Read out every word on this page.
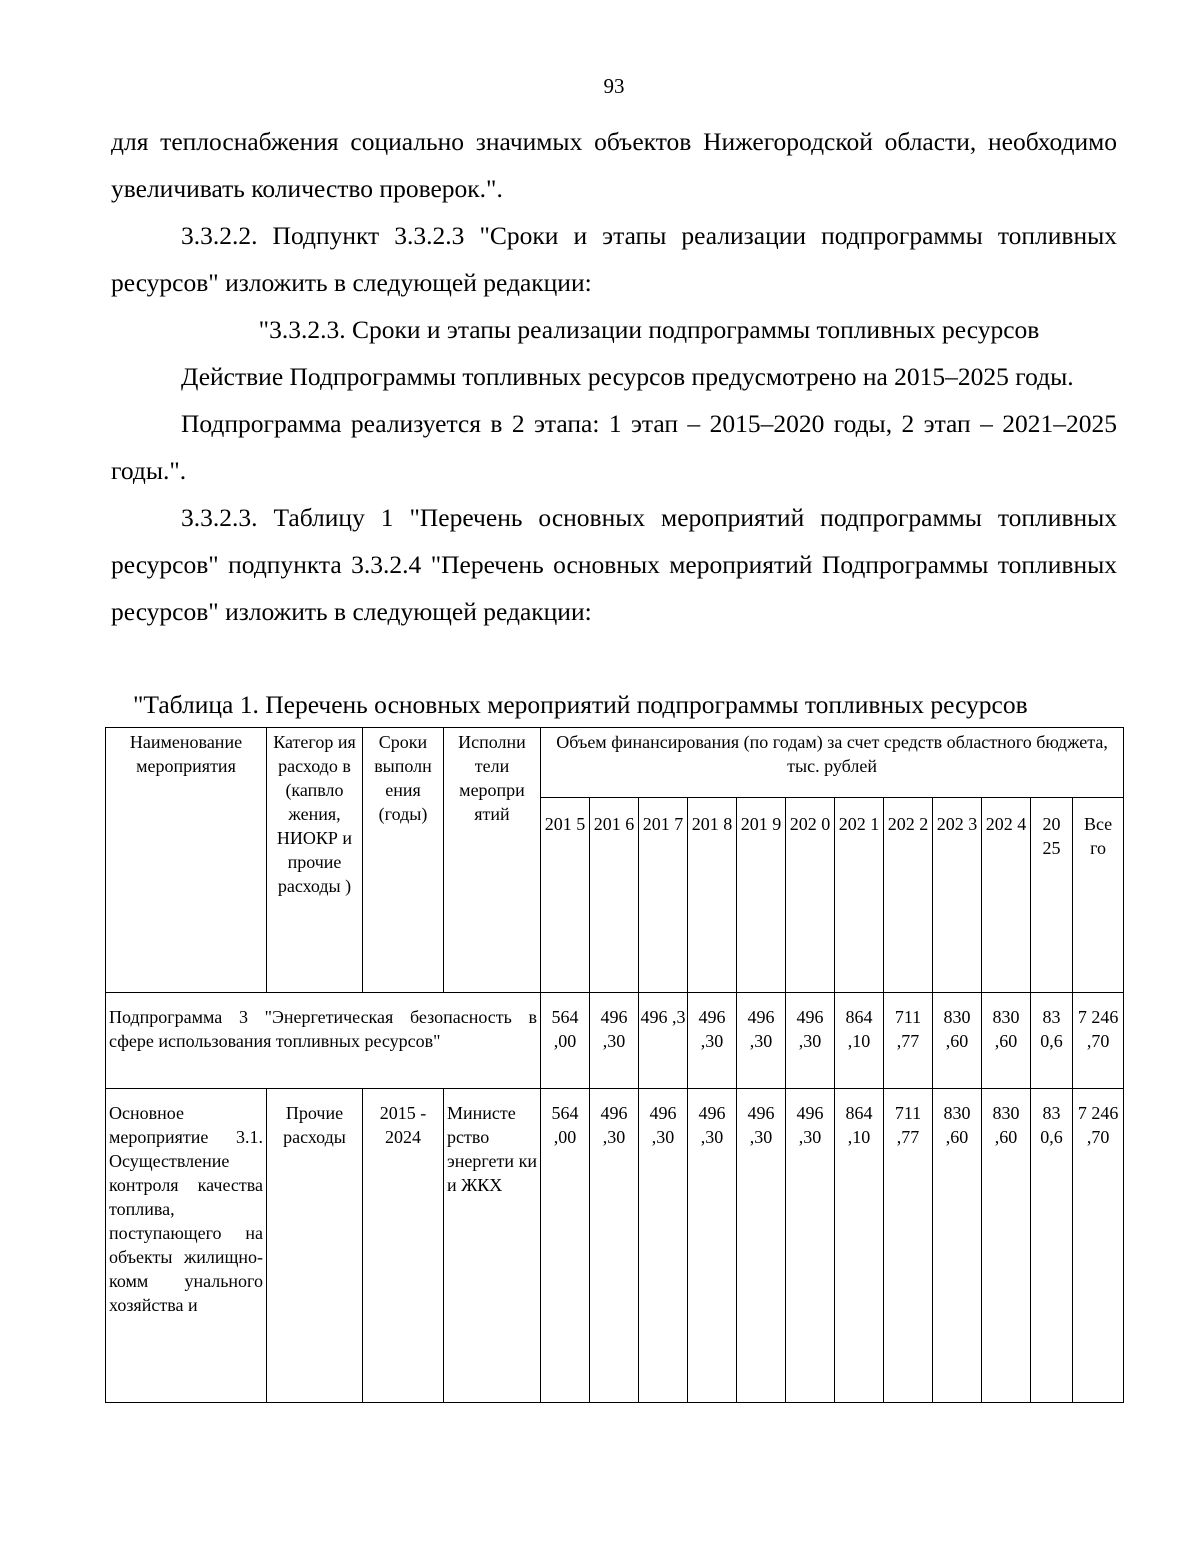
93

для теплоснабжения социально значимых объектов Нижегородской области, необходимо увеличивать количество проверок.".

3.3.2.2. Подпункт 3.3.2.3 "Сроки и этапы реализации подпрограммы топливных ресурсов" изложить в следующей редакции:

"3.3.2.3. Сроки и этапы реализации подпрограммы топливных ресурсов

Действие Подпрограммы топливных ресурсов предусмотрено на 2015–2025 годы.

Подпрограмма реализуется в 2 этапа: 1 этап – 2015–2020 годы, 2 этап – 2021–2025 годы.".

3.3.2.3. Таблицу 1 "Перечень основных мероприятий подпрограммы топливных ресурсов" подпункта 3.3.2.4 "Перечень основных мероприятий Подпрограммы топливных ресурсов" изложить в следующей редакции:

"Таблица 1. Перечень основных мероприятий подпрограммы топливных ресурсов
Наименование мероприятия	Категор ия расходо в (капвло жения, НИОКР и прочие расходы )	Сроки выполн ения (годы)	Исполни тели меропри ятий	Объем финансирования (по годам) за счет средств областного бюджета, тыс. рублей											
				201 5	201 6	201 7	201 8	201 9	202 0	202 1	202 2	202 3	202 4	20 25	Все го
Подпрограмма 3 "Энергетическая безопасность в сфере использования топливных ресурсов"				564 ,00	496 ,30	496 ,3	496 ,30	496 ,30	496 ,30	864 ,10	711 ,77	830 ,60	830 ,60	83 0,6	7 246 ,70
Основное мероприятие 3.1. Осуществление контроля качества топлива, поступающего на объекты жилищно-комм унального хозяйства и	Прочие расходы	2015 - 2024	Министе рство энергети ки и ЖКХ	564 ,00	496 ,30	496 ,30	496 ,30	496 ,30	496 ,30	864 ,10	711 ,77	830 ,60	830 ,60	83 0,6	7 246 ,70
